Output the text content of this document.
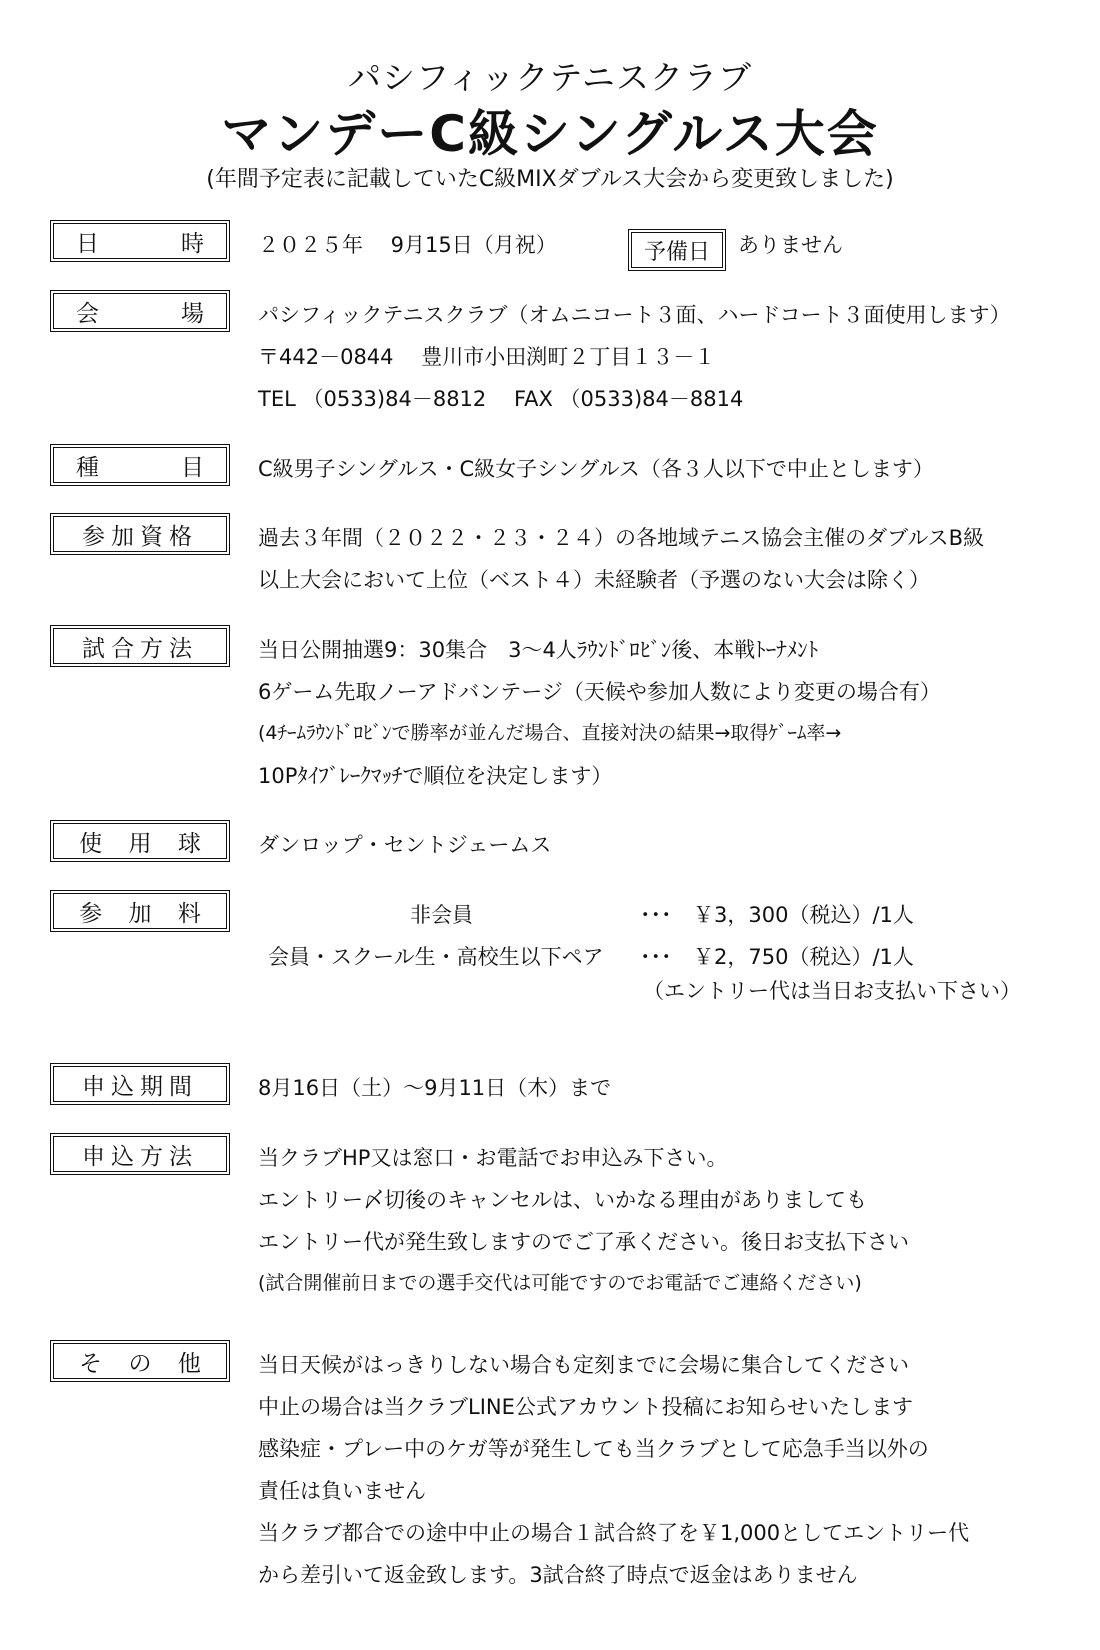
パシフィックテニスクラブ
マンデーC級シングルス大会
(年間予定表に記載していたC級MIXダブルス大会から変更致しました)
日	時	２０２５年　 9月15日（月祝）	予備日	ありません
会	場	パシフィックテニスクラブ（オムニコート３面、ハードコート３面使用します）
〒442－0844　 豊川市小田渕町２丁目１３－１
TEL （0533)84－8812　 FAX （0533)84－8814
種	目	C級男子シングルス・C級女子シングルス（各３人以下で中止とします）
参加資格	過去３年間（２０２２・２３・２４）の各地域テニス協会主催のダブルスB級
以上大会において上位（ベスト４）未経験者（予選のない大会は除く）
試合方法	当日公開抽選9：30集合　3～4人ﾗｳﾝﾄﾞﾛﾋﾞﾝ後、本戦ﾄｰﾅﾒﾝﾄ
6ゲーム先取ノーアドバンテージ（天候や参加人数により変更の場合有）
(4ﾁｰﾑﾗｳﾝﾄﾞﾛﾋﾞﾝで勝率が並んだ場合、直接対決の結果→取得ｹﾞｰﾑ率→
10Pﾀｲﾌﾞﾚｰｸﾏｯﾁで順位を決定します）
使 用 球	ダンロップ・セントジェームス
参 加 料	非会員	･･･ ￥3，300（税込）/1人
会員・スクール生・高校生以下ペア ･･･ ￥2，750（税込）/1人
（エントリー代は当日お支払い下さい）
申込期間	8月16日（土）～9月11日（木）まで
申込方法	当クラブHP又は窓口・お電話でお申込み下さい。
エントリー〆切後のキャンセルは、いかなる理由がありましても
エントリー代が発生致しますのでご了承ください。後日お支払下さい
(試合開催前日までの選手交代は可能ですのでお電話でご連絡ください)
そ の 他	当日天候がはっきりしない場合も定刻までに会場に集合してください
中止の場合は当クラブLINE公式アカウント投稿にお知らせいたします
感染症・プレー中のケガ等が発生しても当クラブとして応急手当以外の
責任は負いません
当クラブ都合での途中中止の場合１試合終了を￥1,000としてエントリー代
から差引いて返金致します。3試合終了時点で返金はありません
